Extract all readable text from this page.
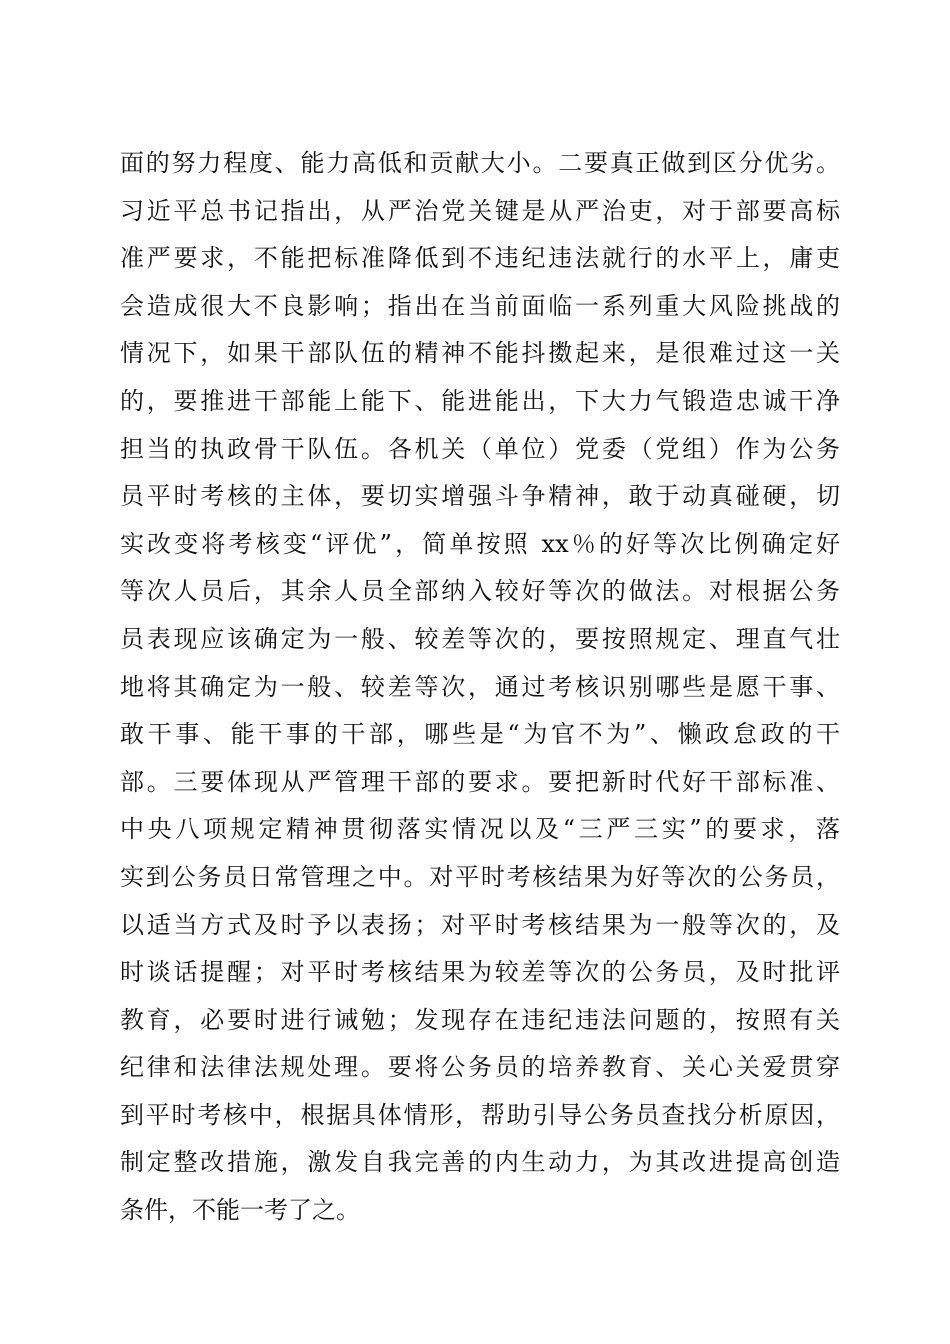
面的努力程度、能力高低和贡献大小。二要真正做到区分优劣。
习近平总书记指出，从严治党关键是从严治吏，对于部要高标
准严要求，不能把标准降低到不违纪违法就行的水平上，庸吏
会造成很大不良影响；指出在当前面临一系列重大风险挑战的
情况下，如果干部队伍的精神不能抖擞起来，是很难过这一关
的，要推进干部能上能下、能进能出，下大力气锻造忠诚干净
担当的执政骨干队伍。各机关（单位）党委（党组）作为公务
员平时考核的主体，要切实增强斗争精神，敢于动真碰硬，切
实改变将考核变“评优”，简单按照 xx％的好等次比例确定好
等次人员后，其余人员全部纳入较好等次的做法。对根据公务
员表现应该确定为一般、较差等次的，要按照规定、理直气壮
地将其确定为一般、较差等次，通过考核识别哪些是愿干事、
敢干事、能干事的干部，哪些是“为官不为”、懒政怠政的干
部。三要体现从严管理干部的要求。要把新时代好干部标准、
中央八项规定精神贯彻落实情况以及“三严三实”的要求，落
实到公务员日常管理之中。对平时考核结果为好等次的公务员，
以适当方式及时予以表扬；对平时考核结果为一般等次的，及
时谈话提醒；对平时考核结果为较差等次的公务员，及时批评
教育，必要时进行诫勉；发现存在违纪违法问题的，按照有关
纪律和法律法规处理。要将公务员的培养教育、关心关爱贯穿
到平时考核中，根据具体情形，帮助引导公务员查找分析原因，
制定整改措施，激发自我完善的内生动力，为其改进提高创造
条件，不能一考了之。
